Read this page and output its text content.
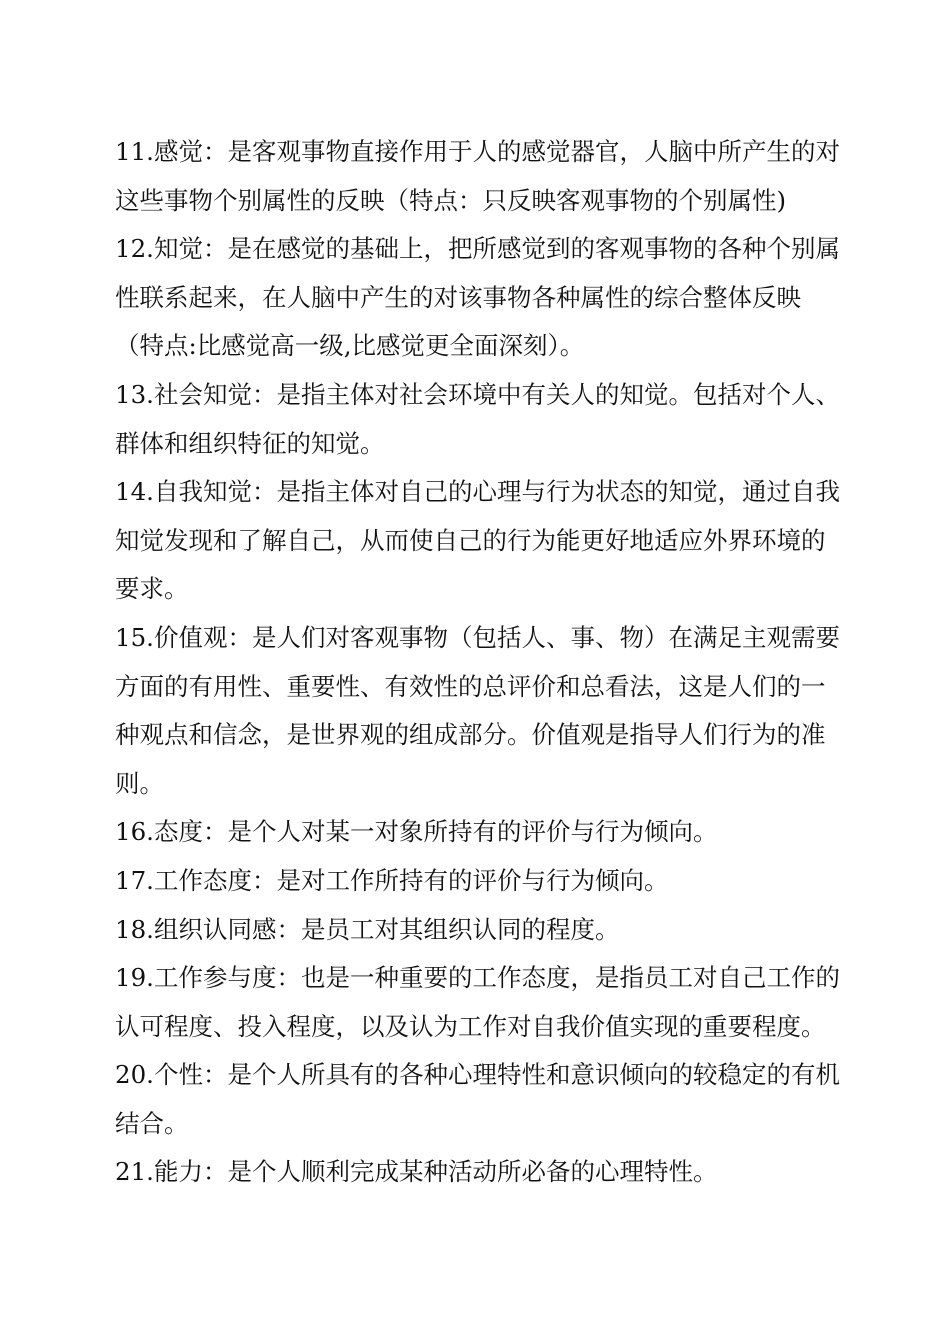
11.感觉：是客观事物直接作用于人的感觉器官，人脑中所产生的对这些事物个别属性的反映（特点：只反映客观事物的个别属性)

12.知觉：是在感觉的基础上，把所感觉到的客观事物的各种个别属性联系起来，在人脑中产生的对该事物各种属性的综合整体反映（特点:比感觉高一级,比感觉更全面深刻）。

13.社会知觉：是指主体对社会环境中有关人的知觉。包括对个人、群体和组织特征的知觉。

14.自我知觉：是指主体对自己的心理与行为状态的知觉，通过自我知觉发现和了解自己，从而使自己的行为能更好地适应外界环境的要求。

15.价值观：是人们对客观事物（包括人、事、物）在满足主观需要方面的有用性、重要性、有效性的总评价和总看法，这是人们的一种观点和信念，是世界观的组成部分。价值观是指导人们行为的准则。

16.态度：是个人对某一对象所持有的评价与行为倾向。

17.工作态度：是对工作所持有的评价与行为倾向。

18.组织认同感：是员工对其组织认同的程度。

19.工作参与度：也是一种重要的工作态度，是指员工对自己工作的认可程度、投入程度，以及认为工作对自我价值实现的重要程度。

20.个性：是个人所具有的各种心理特性和意识倾向的较稳定的有机结合。

21.能力：是个人顺利完成某种活动所必备的心理特性。
